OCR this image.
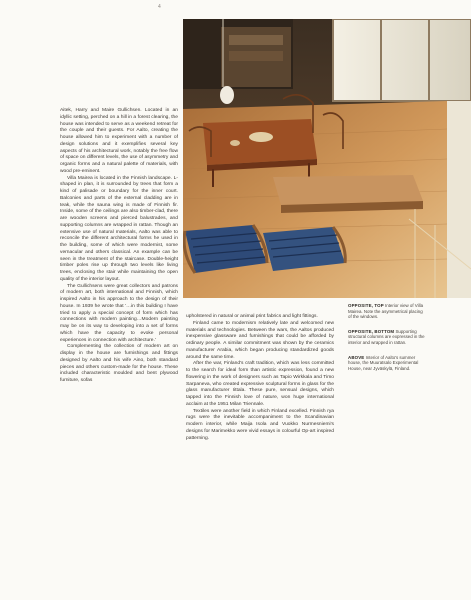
4

Aitek, Harry and Maire Gullichsen. Located in an idyllic setting, perched on a hill in a forest clearing, the house was intended to serve as a weekend retreat for the couple and their guests. For Aalto, creating the house allowed him to experiment with a number of design solutions and it exemplifies several key aspects of his architectural work, notably the free flow of space on different levels, the use of asymmetry and organic forms and a natural palette of materials, with wood pre-eminent.

Villa Mairea is located in the Finnish landscape. L-shaped in plan, it is surrounded by trees that form a kind of palisade or boundary for the inner court. Balconies and parts of the external cladding are in teak, while the sauna wing is made of Finnish fir. Inside, some of the ceilings are also timber-clad, there are wooden screens and pierced balustrades, and supporting columns are wrapped in rattan. Though an extensive use of natural materials, Aalto was able to reconcile the different architectural forms he used in the building, some of which were modernist, some vernacular and others classical. An example can be seen in the treatment of the staircase. Double-height timber poles rise up through two levels like living trees, enclosing the stair while maintaining the open quality of the interior layout.

The Gullichsens were great collectors and patrons of modern art, both international and Finnish, which inspired Aalto in his approach to the design of their house. In 1939 he wrote that '…in this building I have tried to apply a special concept of form which has connections with modern painting…Modern painting may be on its way to developing into a set of forms which have the capacity to evoke personal experiences in connection with architecture.'

Complementing the collection of modern art on display in the house are furnishings and fittings designed by Aalto and his wife Aino, both standard pieces and others custom-made for the house. These included characteristic moulded and bent plywood furniture, sofas

upholstered in natural or animal print fabrics and light fittings.

Finland came to modernism relatively late and welcomed new materials and technologies. Between the wars, the Aaltos produced inexpensive glassware and furnishings that could be afforded by ordinary people. A similar commitment was shown by the ceramics manufacturer Arabia, which began producing standardized goods around the same time.

After the war, Finland's craft tradition, which was less committed to the search for ideal form than artistic expression, found a new flowering in the work of designers such as Tapio Wirkkala and Timo Sarpaneva, who created expressive sculptural forms in glass for the glass manufacturer Iittala. These pure, sensual designs, which tapped into the Finnish love of nature, won huge international acclaim at the 1951 Milan Triennale.

Textiles were another field in which Finland excelled. Finnish rya rugs were the inevitable accompaniment to the Scandinavian modern interior, while Maija Isola and Vuokko Nurmesniemi's designs for Marimekko were vivid essays in colourful Op-art inspired patterning.

OPPOSITE, TOP Interior view of Villa Mairea. Note the asymmetrical placing of the windows.

OPPOSITE, BOTTOM Supporting structural columns are expressed in the interior and wrapped in rattan.

ABOVE Interior of Aalto's summer house, the Muuratsalo Experimental House, near Jyväskylä, Finland.
